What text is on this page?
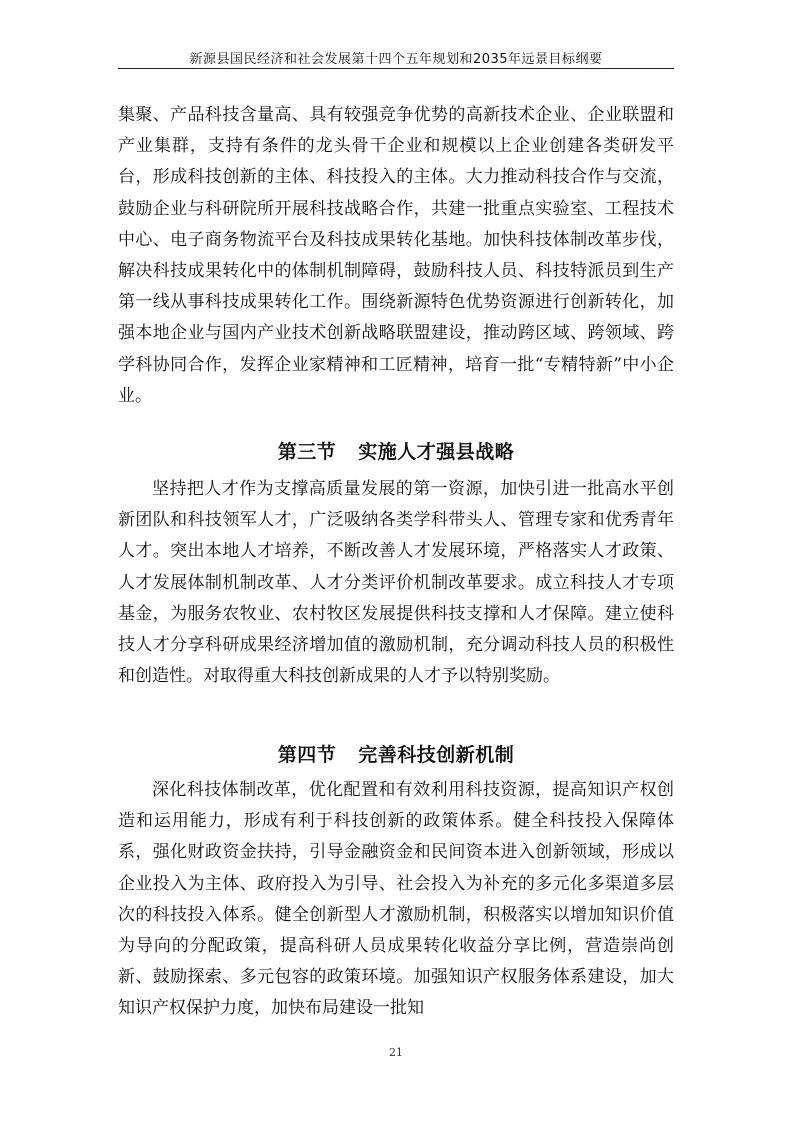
新源县国民经济和社会发展第十四个五年规划和2035年远景目标纲要
集聚、产品科技含量高、具有较强竞争优势的高新技术企业、企业联盟和产业集群，支持有条件的龙头骨干企业和规模以上企业创建各类研发平台，形成科技创新的主体、科技投入的主体。大力推动科技合作与交流，鼓励企业与科研院所开展科技战略合作，共建一批重点实验室、工程技术中心、电子商务物流平台及科技成果转化基地。加快科技体制改革步伐，解决科技成果转化中的体制机制障碍，鼓励科技人员、科技特派员到生产第一线从事科技成果转化工作。围绕新源特色优势资源进行创新转化，加强本地企业与国内产业技术创新战略联盟建设，推动跨区域、跨领域、跨学科协同合作，发挥企业家精神和工匠精神，培育一批“专精特新”中小企业。
第三节 实施人才强县战略
坚持把人才作为支撑高质量发展的第一资源，加快引进一批高水平创新团队和科技领军人才，广泛吸纳各类学科带头人、管理专家和优秀青年人才。突出本地人才培养，不断改善人才发展环境，严格落实人才政策、人才发展体制机制改革、人才分类评价机制改革要求。成立科技人才专项基金，为服务农牧业、农村牧区发展提供科技支撑和人才保障。建立使科技人才分享科研成果经济增加值的激励机制，充分调动科技人员的积极性和创造性。对取得重大科技创新成果的人才予以特别奖励。
第四节 完善科技创新机制
深化科技体制改革，优化配置和有效利用科技资源，提高知识产权创造和运用能力，形成有利于科技创新的政策体系。健全科技投入保障体系，强化财政资金扶持，引导金融资金和民间资本进入创新领域，形成以企业投入为主体、政府投入为引导、社会投入为补充的多元化多渠道多层次的科技投入体系。健全创新型人才激励机制，积极落实以增加知识价值为导向的分配政策，提高科研人员成果转化收益分享比例，营造崇尚创新、鼓励探索、多元包容的政策环境。加强知识产权服务体系建设，加大知识产权保护力度，加快布局建设一批知
21
